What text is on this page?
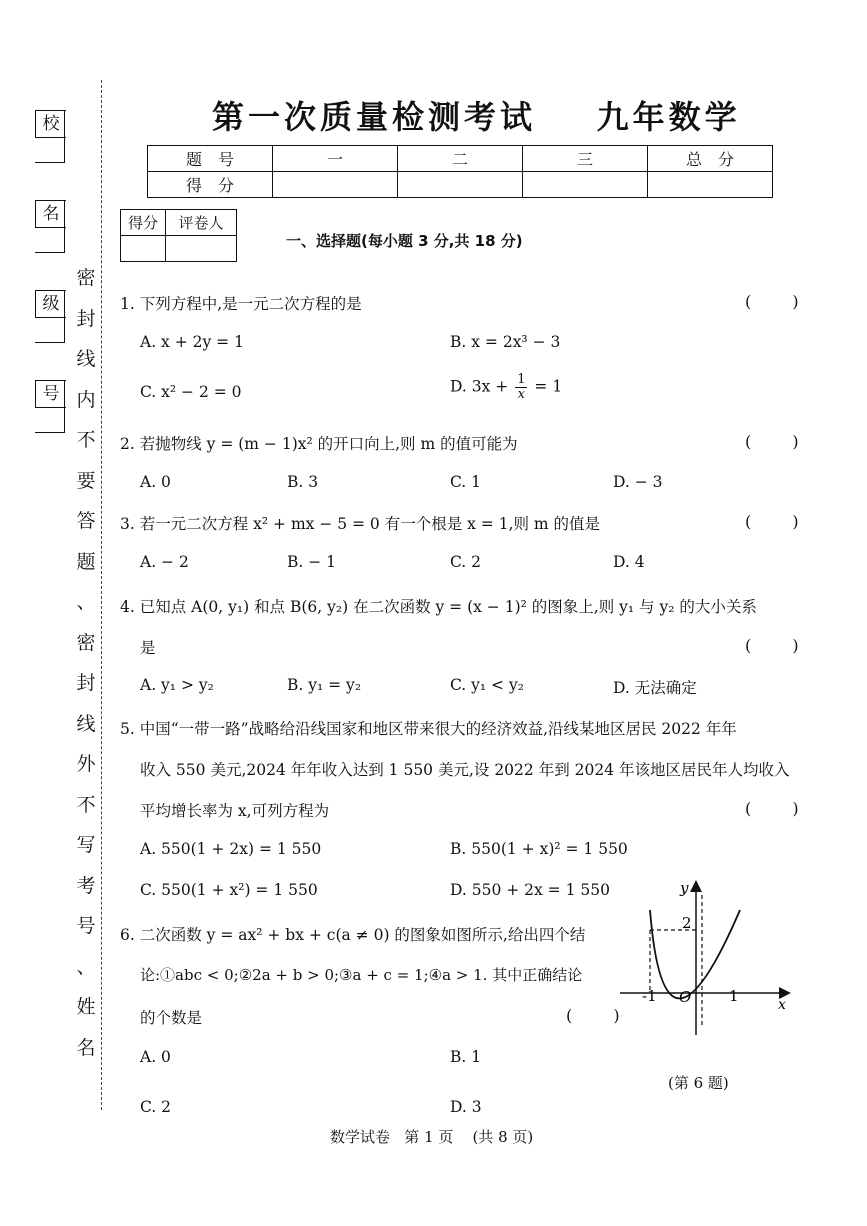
校
名
级
号
密
封
线
内
不
要
答
题
、
密
封
线
外
不
写
考
号
、
姓
名
第一次质量检测考试    九年数学
题　号	一	二	三	总　分
得　分				
得分	评卷人

一、选择题(每小题 3 分,共 18 分)
1. 下列方程中,是一元二次方程的是	( )
A. x + 2y = 1	B. x = 2x³ − 3
C. x² − 2 = 0	D. $3x + \frac{1}{x} = 1$
2. 若抛物线 y = (m − 1)x² 的开口向上,则 m 的值可能为	( )
A. 0	B. 3	C. 1	D. − 3
3. 若一元二次方程 x² + mx − 5 = 0 有一个根是 x = 1,则 m 的值是	( )
A. − 2	B. − 1	C. 2	D. 4
4. 已知点 A(0, y₁) 和点 B(6, y₂) 在二次函数 y = (x − 1)² 的图象上,则 y₁ 与 y₂ 的大小关系
是	( )
A. y₁ > y₂	B. y₁ = y₂	C. y₁ < y₂	D. 无法确定
5. 中国“一带一路”战略给沿线国家和地区带来很大的经济效益,沿线某地区居民 2022 年年
收入 550 美元,2024 年年收入达到 1 550 美元,设 2022 年到 2024 年该地区居民年人均收入
平均增长率为 x,可列方程为	( )
A. 550(1 + 2x) = 1 550	B. 550(1 + x)² = 1 550
C. 550(1 + x²) = 1 550	D. 550 + 2x = 1 550
6. 二次函数 y = ax² + bx + c(a ≠ 0) 的图象如图所示,给出四个结
论:①abc < 0;②2a + b > 0;③a + c = 1;④a > 1. 其中正确结论
的个数是	( )
A. 0	B. 1
C. 2	D. 3
y
x
2
-1 O	1
(第 6 题)
数学试卷   第 1 页    (共 8 页)
